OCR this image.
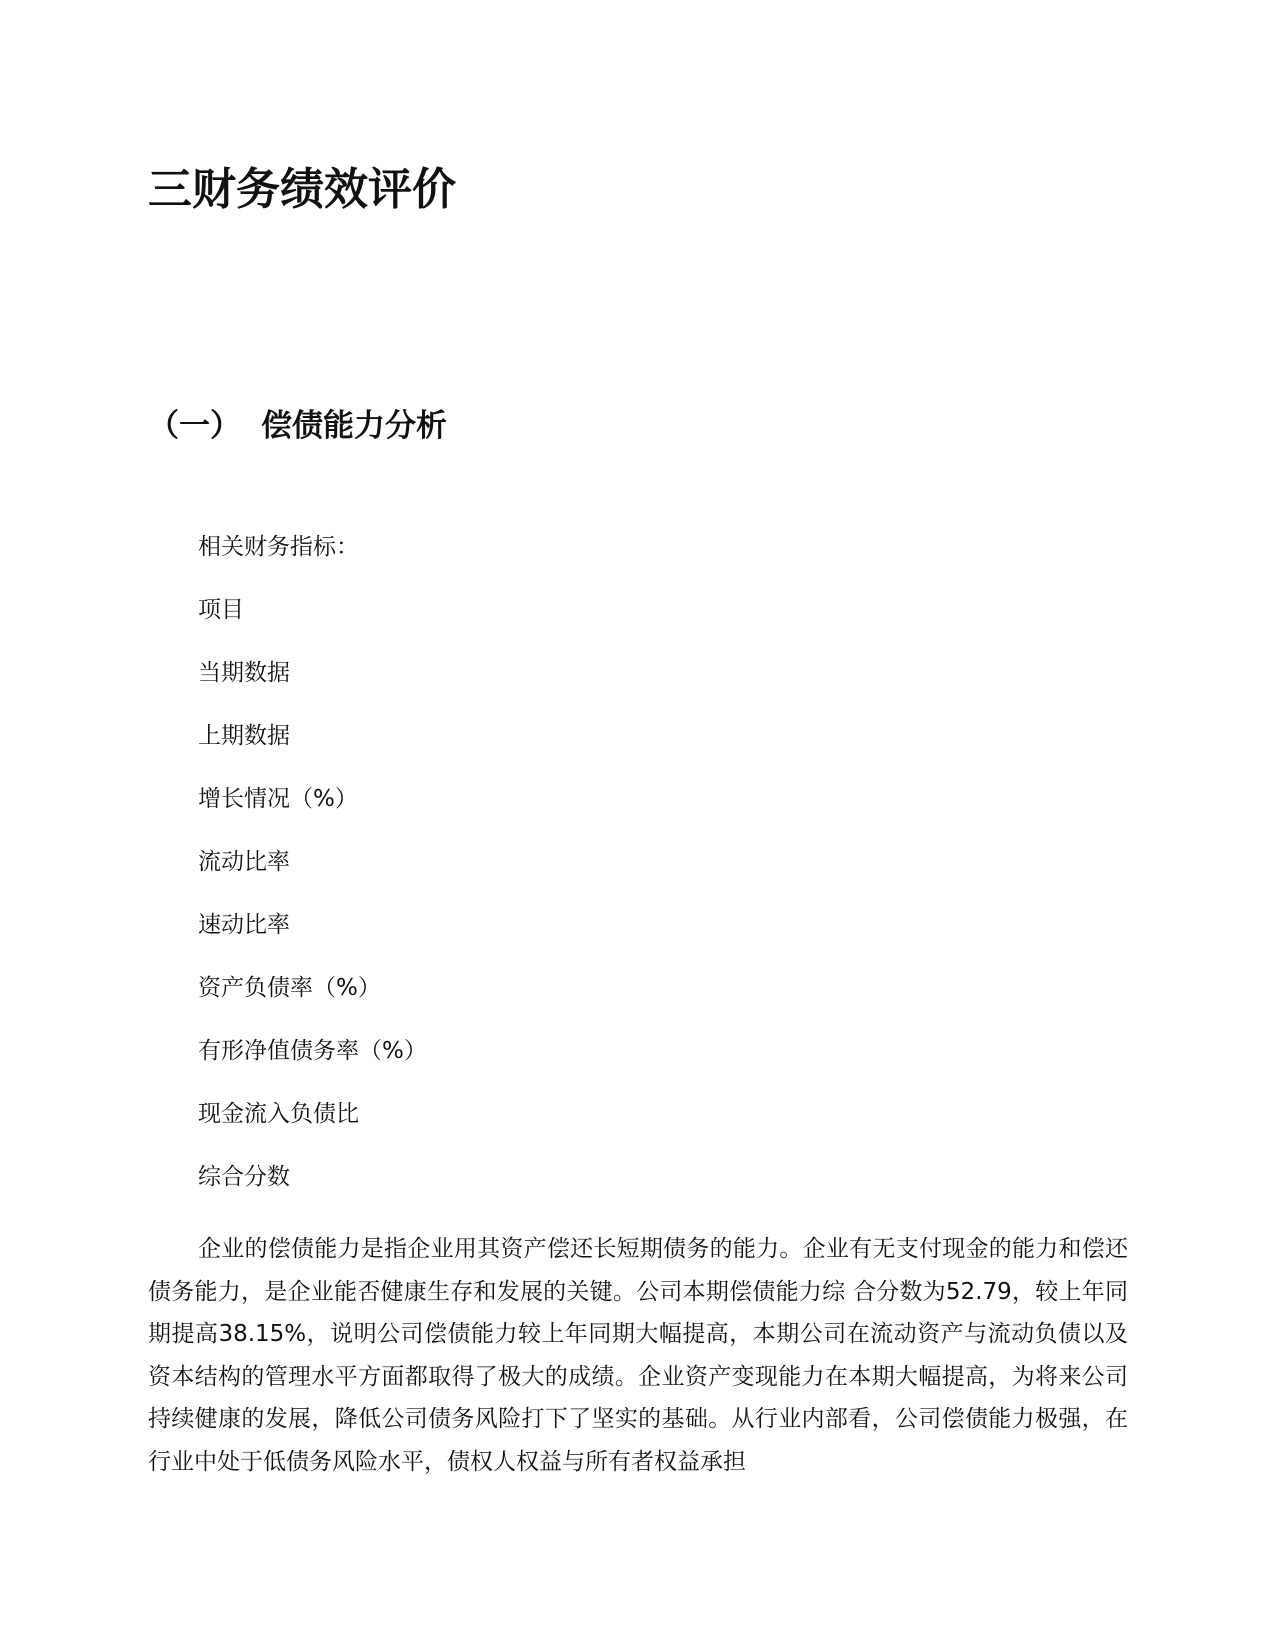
三财务绩效评价
（一） 偿债能力分析
相关财务指标：
项目
当期数据
上期数据
增长情况（%）
流动比率
速动比率
资产负债率（%）
有形净值债务率（%）
现金流入负债比
综合分数

企业的偿债能力是指企业用其资产偿还长短期债务的能力。企业有无支付现金的能力和偿还债务能力，是企业能否健康生存和发展的关键。公司本期偿债能力综 合分数为52.79，较上年同期提高38.15%，说明公司偿债能力较上年同期大幅提高，本期公司在流动资产与流动负债以及资本结构的管理水平方面都取得了极大的成绩。企业资产变现能力在本期大幅提高，为将来公司持续健康的发展，降低公司债务风险打下了坚实的基础。从行业内部看，公司偿债能力极强，在行业中处于低债务风险水平，债权人权益与所有者权益承担
